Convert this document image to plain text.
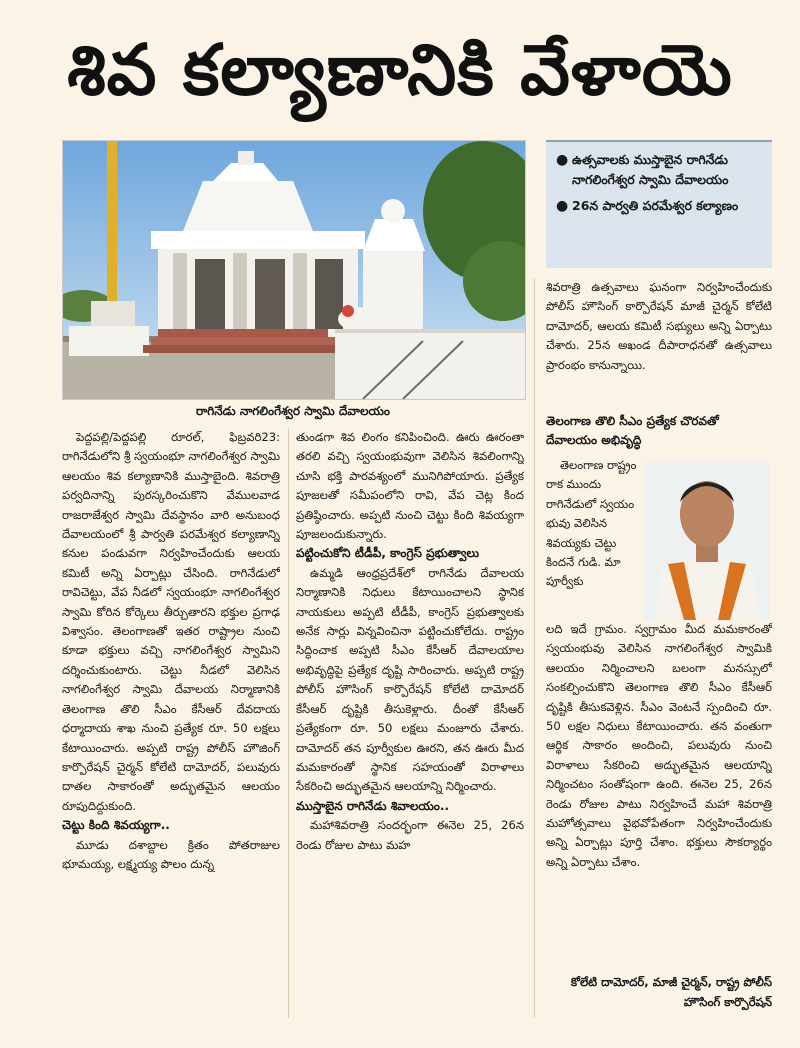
శివ కల్యాణానికి వేళాయె
రాగినేడు నాగలింగేశ్వర స్వామి దేవాలయం
● ఉత్సవాలకు ముస్తాబైన రాగినేడు నాగలింగేశ్వర స్వామి దేవాలయం
● 26న పార్వతి పరమేశ్వర కల్యాణం

పెద్దపల్లి/పెద్దపల్లి రూరల్‌, ఫిబ్రవరి23: రాగినేడులోని శ్రీ స్వయంభూ నాగలింగేశ్వర స్వామి ఆలయం శివ కల్యాణానికి ముస్తాబైంది. శివరాత్రి పర్వదినాన్ని పురస్కరించుకొని వేములవాడ రాజరాజేశ్వర స్వామి దేవస్థానం వారి అనుబంధ దేవాలయంలో శ్రీ పార్వతి పరమేశ్వర కల్యాణాన్ని కనుల పండువగా నిర్వహించేందుకు ఆలయ కమిటీ అన్ని ఏర్పాట్లు చేసింది. రాగినేడులో రావిచెట్టు, వేప నీడలో స్వయంభూ నాగలింగేశ్వర స్వామి కోరిన కోర్కెలు తీర్చుతారని భక్తుల ప్రగాఢ విశ్వాసం. తెలంగాణతో ఇతర రాష్ట్రాల నుంచి కూడా భక్తులు వచ్చి నాగలింగేశ్వర స్వామిని దర్శించుకుంటారు. చెట్టు నీడలో వెలిసిన నాగలింగేశ్వర స్వామి దేవాలయ నిర్మాణానికి తెలంగాణ తొలి సీఎం కేసీఆర్‌ దేవదాయ ధర్మాదాయ శాఖ నుంచి ప్రత్యేక రూ. 50 లక్షలు కేటాయించారు. అప్పటి రాష్ట్ర పోలీస్‌ హౌజింగ్‌ కార్పొరేషన్‌ చైర్మన్‌ కోలేటి దామోదర్‌, పలువురు దాతల సాకారంతో అద్భుతమైన ఆలయం రూపుదిద్దుకుంది.

చెట్టు కింది శివయ్యగా..

మూడు దశాబ్దాల క్రితం పోతరాజుల భూమయ్య, లక్ష్మయ్య పొలం దున్న

తుండగా శివ లింగం కనిపించింది. ఊరు ఊరంతా తరలి వచ్చి స్వయంభువుగా వెలిసిన శివలింగాన్ని చూసి భక్తి పారవశ్యంలో మునిగిపోయారు. ప్రత్యేక పూజలతో సమీపంలోని రావి, వేప చెట్ల కింద ప్రతిష్ఠించారు. అప్పటి నుంచి చెట్టు కింది శివయ్యగా పూజలందుకున్నారు.

పట్టించుకోని టీడీపీ, కాంగ్రెస్‌ ప్రభుత్వాలు

ఉమ్మడి ఆంధ్రప్రదేశ్‌లో రాగినేడు దేవాలయ నిర్మాణానికి నిధులు కేటాయించాలని స్థానిక నాయకులు అప్పటి టీడీపీ, కాంగ్రెస్‌ ప్రభుత్వాలకు అనేక సార్లు విన్నవించినా పట్టించుకోలేదు. రాష్ట్రం సిద్ధించాక అప్పటి సీఎం కేసీఆర్‌ దేవాలయాల అభివృద్ధిపై ప్రత్యేక దృష్టి సారించారు. అప్పటి రాష్ట్ర పోలీస్‌ హౌసింగ్‌ కార్పొరేషన్‌ కోలేటి దామోదర్‌ కేసీఆర్‌ దృష్టికి తీసుకెళ్లారు. దీంతో కేసీఆర్‌ ప్రత్యేకంగా రూ. 50 లక్షలు మంజూరు చేశారు. దామోదర్‌ తన పూర్వీకుల ఊరని, తన ఊరు మీద మమకారంతో స్థానిక సహయంతో విరాళాలు సేకరించి అద్భుతమైన ఆలయాన్ని నిర్మించారు.

ముస్తాబైన రాగినేడు శివాలయం..

మహాశివరాత్రి సందర్భంగా ఈనెల 25, 26న రెండు రోజుల పాటు మహ

శివరాత్రి ఉత్సవాలు ఘనంగా నిర్వహించేందుకు పోలీస్‌ హౌసింగ్‌ కార్పొరేషన్‌ మాజీ చైర్మన్‌ కోలేటి దామోదర్‌, ఆలయ కమిటీ సభ్యులు అన్ని ఏర్పాటు చేశారు. 25న అఖండ దీపారాధనతో ఉత్సవాలు ప్రారంభం కానున్నాయి.

తెలంగాణ తొలి సీఎం ప్రత్యేక చొరవతో దేవాలయం అభివృద్ధి

తెలంగాణ రాష్ట్రం రాక ముందు రాగినేడులో స్వయం భువు వెలిసిన శివయ్యకు చెట్టు కిందనే గుడి. మా పూర్వీకు

లది ఇదే గ్రామం. స్వగ్రామం మీద మమకారంతో స్వయంభువు వెలిసిన నాగలింగేశ్వర స్వామికి ఆలయం నిర్మించాలని బలంగా మనస్సులో సంకల్పించుకొని తెలంగాణ తొలి సీఎం కేసీఆర్‌ దృష్టికి తీసుకవెళ్లిన. సీఎం వెంటనే స్పందించి రూ. 50 లక్షల నిధులు కేటాయించారు. తన వంతుగా ఆర్థిక సాకారం అందించి, పలువురు నుంచి విరాళాలు సేకరించి అద్భుతమైన ఆలయాన్ని నిర్మించటం సంతోషంగా ఉంది. ఈనెల 25, 26న రెండు రోజుల పాటు నిర్వహించే మహా శివరాత్రి మహోత్సవాలు వైభవోపేతంగా నిర్వహించేందుకు అన్ని ఏర్పాట్లు పూర్తి చేశాం. భక్తులు సౌకర్యార్థం అన్ని ఏర్పాటు చేశాం.

కోలేటి దామోదర్‌, మాజీ చైర్మన్‌, రాష్ట్ర పోలీస్‌ హౌసింగ్‌ కార్పొరేషన్‌
